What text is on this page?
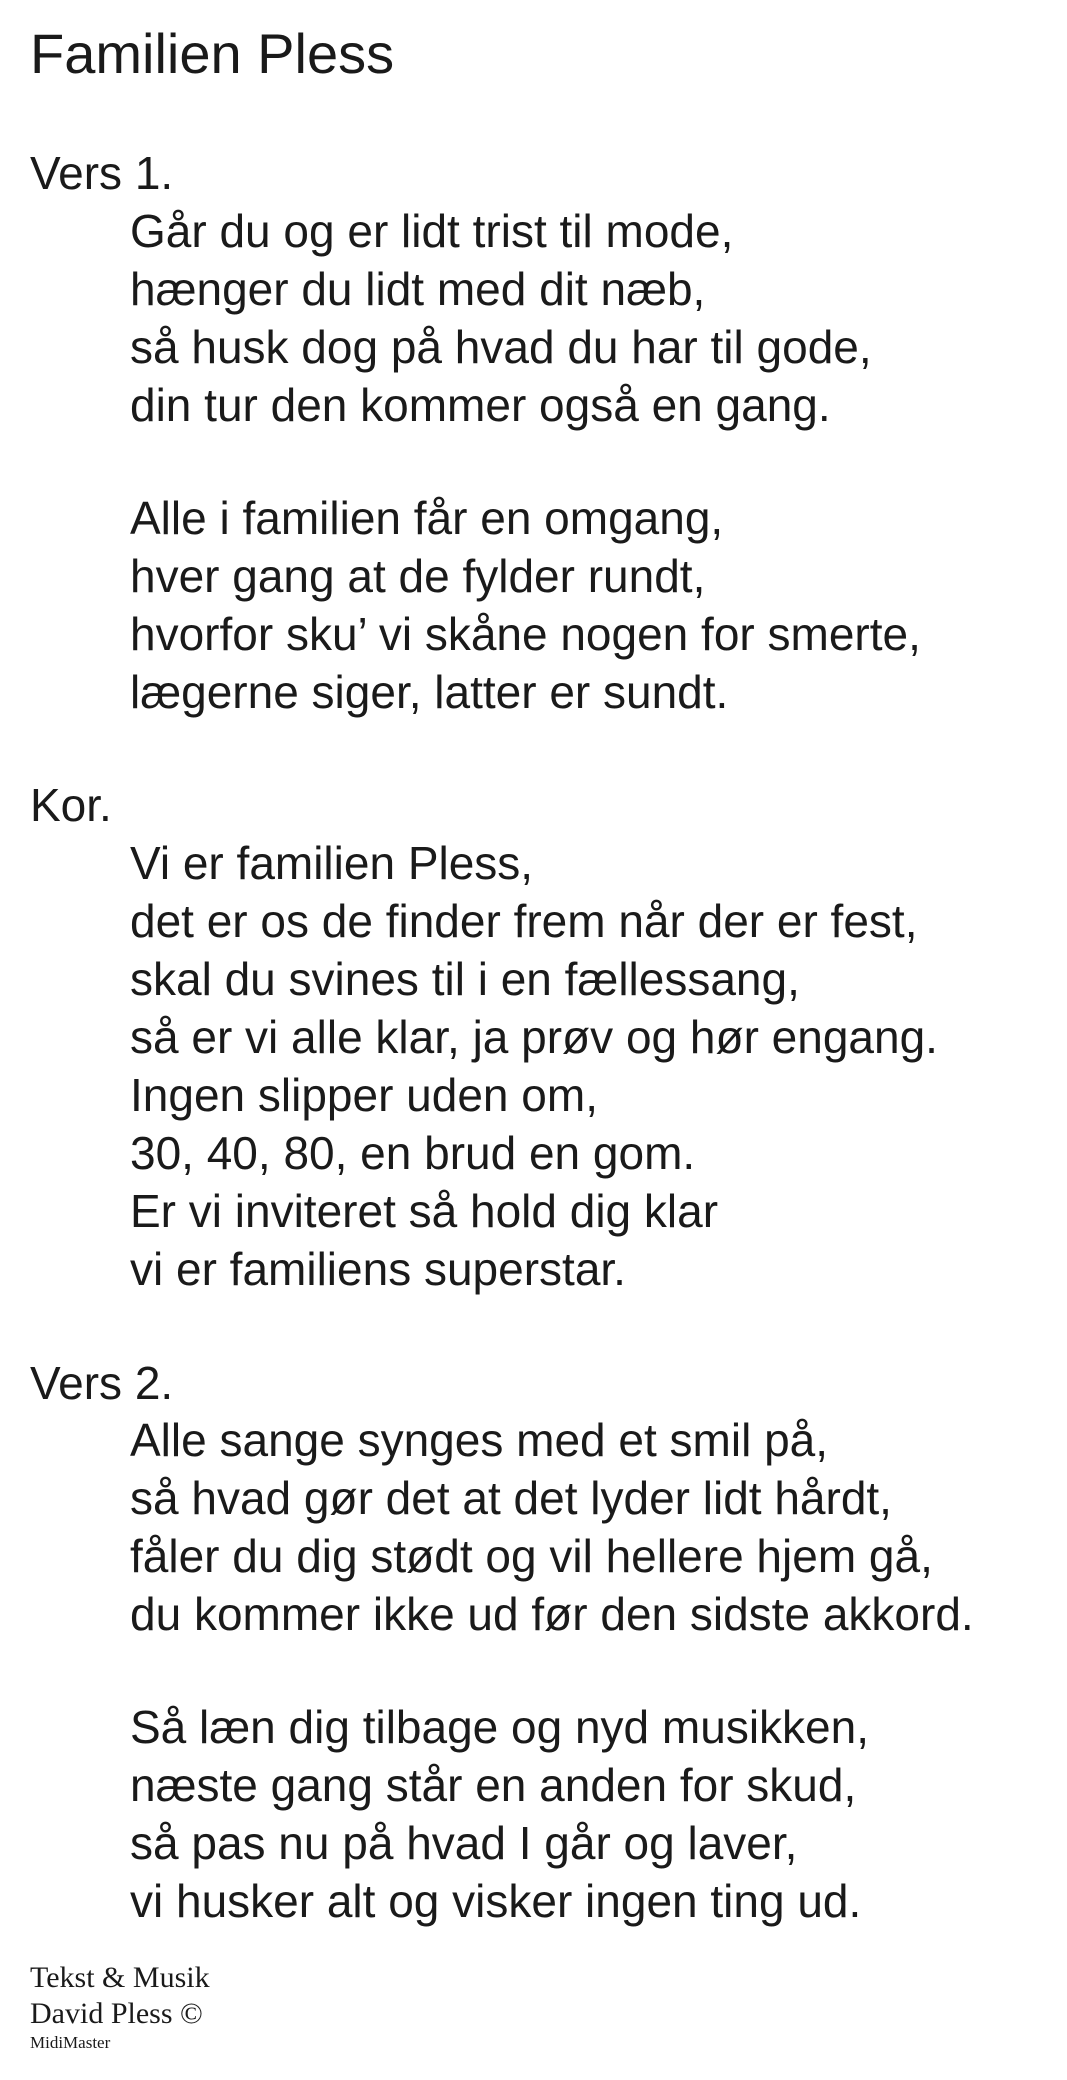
Familien Pless
Vers 1.
Går du og er lidt trist til mode,
hænger du lidt med dit næb,
så husk dog på hvad du har til gode,
din tur den kommer også en gang.
Alle i familien får en omgang,
hver gang at de fylder rundt,
hvorfor sku’ vi skåne nogen for smerte,
lægerne siger, latter er sundt.
Kor.
Vi er familien Pless,
det er os de finder frem når der er fest,
skal du svines til i en fællessang,
så er vi alle klar, ja prøv og hør engang.
Ingen slipper uden om,
30, 40, 80, en brud en gom.
Er vi inviteret så hold dig klar
vi er familiens superstar.
Vers 2.
Alle sange synges med et smil på,
så hvad gør det at det lyder lidt hårdt,
fåler du dig stødt og vil hellere hjem gå,
du kommer ikke ud før den sidste akkord.
Så læn dig tilbage og nyd musikken,
næste gang står en anden for skud,
så pas nu på hvad I går og laver,
vi husker alt og visker ingen ting ud.
Tekst & Musik
David Pless ©
MidiMaster
